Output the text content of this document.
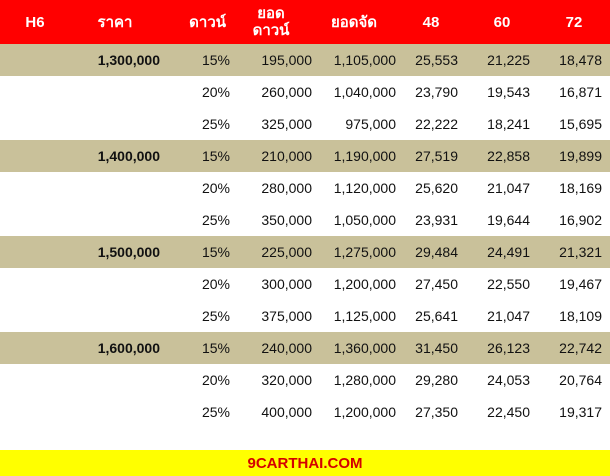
H6	ราคา	ดาวน์	ยอด
ดาวน์	ยอดจัด	48	60	72
	1,300,000	15%	195,000	1,105,000	25,553	21,225	18,478
		20%	260,000	1,040,000	23,790	19,543	16,871
		25%	325,000	975,000	22,222	18,241	15,695
	1,400,000	15%	210,000	1,190,000	27,519	22,858	19,899
		20%	280,000	1,120,000	25,620	21,047	18,169
		25%	350,000	1,050,000	23,931	19,644	16,902
	1,500,000	15%	225,000	1,275,000	29,484	24,491	21,321
		20%	300,000	1,200,000	27,450	22,550	19,467
		25%	375,000	1,125,000	25,641	21,047	18,109
	1,600,000	15%	240,000	1,360,000	31,450	26,123	22,742
		20%	320,000	1,280,000	29,280	24,053	20,764
		25%	400,000	1,200,000	27,350	22,450	19,317
9CARTHAI.COM
